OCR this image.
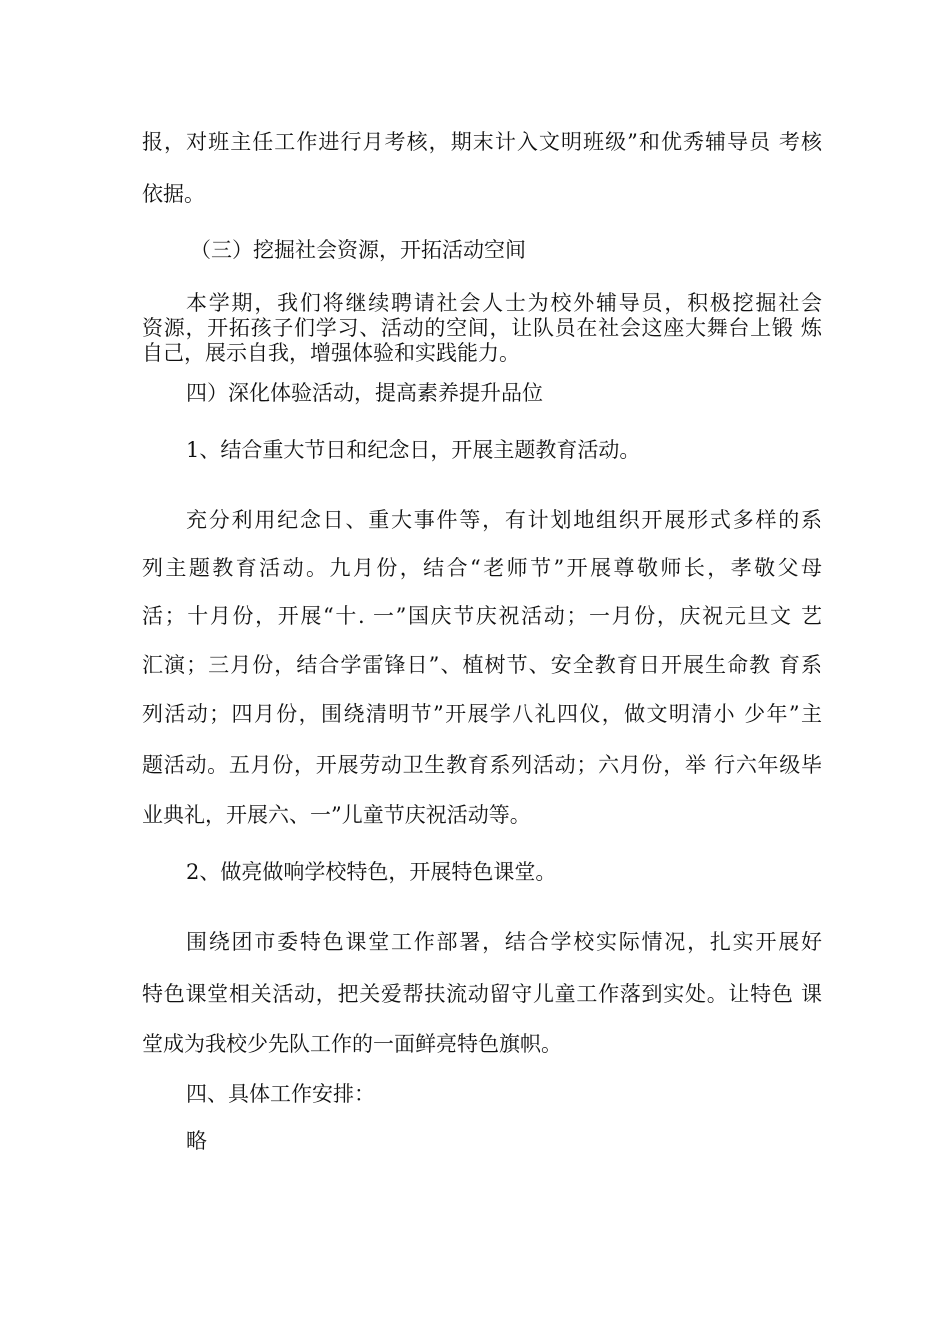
报，对班主任工作进行月考核，期末计入文明班级”和优秀辅导员 考核
依据。
（三）挖掘社会资源，开拓活动空间
本学期，我们将继续聘请社会人士为校外辅导员，积极挖掘社会
资源，开拓孩子们学习、活动的空间，让队员在社会这座大舞台上锻 炼
自己，展示自我，增强体验和实践能力。
四）深化体验活动，提高素养提升品位
1、结合重大节日和纪念日，开展主题教育活动。
充分利用纪念日、重大事件等，有计划地组织开展形式多样的系
列主题教育活动。九月份，结合“老师节”开展尊敬师长，孝敬父母
活；十月份，开展“十. 一”国庆节庆祝活动；一月份，庆祝元旦文 艺
汇演；三月份，结合学雷锋日”、植树节、安全教育日开展生命教 育系
列活动；四月份，围绕清明节”开展学八礼四仪，做文明清小 少年”主
题活动。五月份，开展劳动卫生教育系列活动；六月份，举 行六年级毕
业典礼，开展六、一”儿童节庆祝活动等。
2、做亮做响学校特色，开展特色课堂。
围绕团市委特色课堂工作部署，结合学校实际情况，扎实开展好
特色课堂相关活动，把关爱帮扶流动留守儿童工作落到实处。让特色 课
堂成为我校少先队工作的一面鲜亮特色旗帜。
四、具体工作安排：
略
